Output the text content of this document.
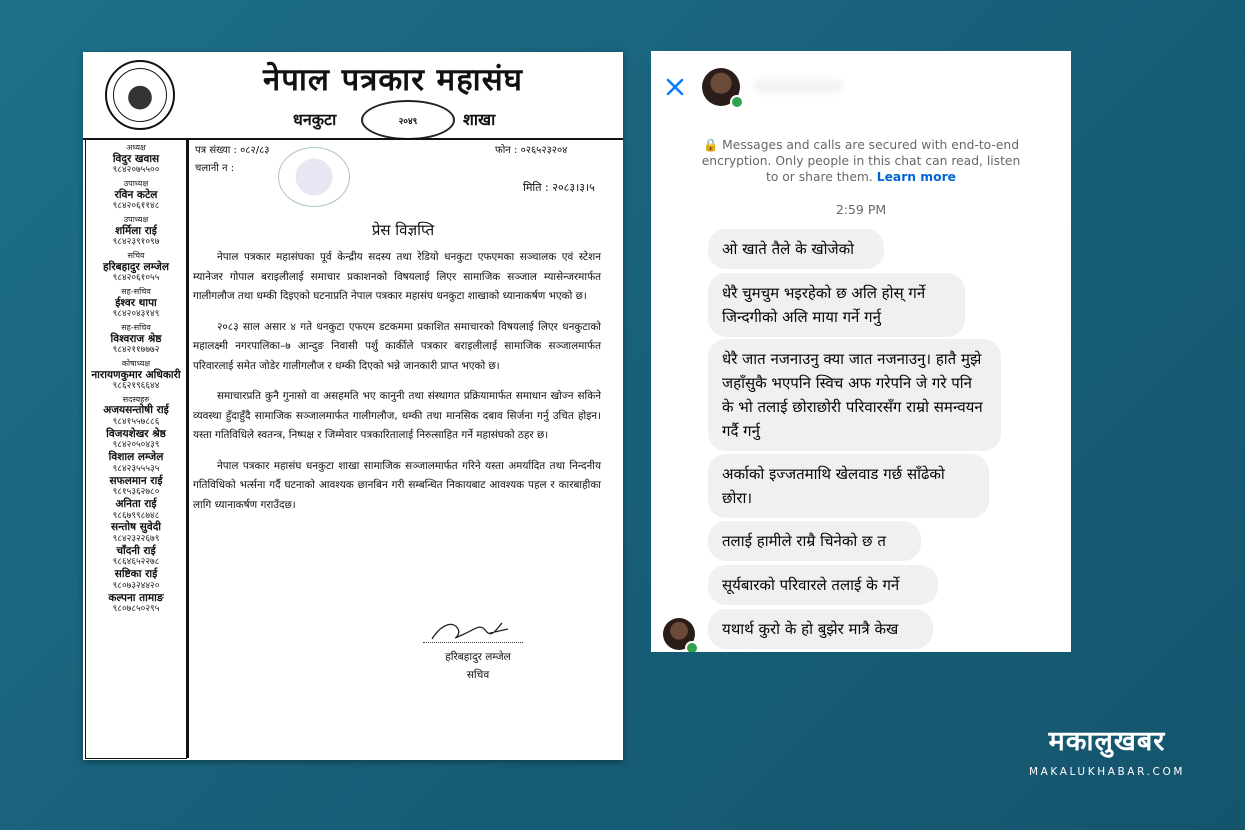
नेपाल पत्रकार महासंघ
धनकुटा	२०४९	शाखा
अध्यक्ष
विदुर खवास
९८४२०७५५००
उपाध्यक्ष
रविन कटेल
९८४२०६११४८
उपाध्यक्ष
शर्मिला राई
९८४२३९१०९७
सचिव
हरिबहादुर लम्जेल
९८४२०६१०५५
सह-सचिव
ईश्वर थापा
९८४२०४३१४९
सह-सचिव
विश्वराज श्रेष्ठ
९८४२११७७७२
कोषाध्यक्ष
नारायणकुमार अधिकारी
९८६२१९६६४४
सदस्यहरु
अजयसन्तोषी राई
९८४१५५७८८६
विजयशेखर श्रेष्ठ
९८४२०५०४३९
विशाल लम्जेल
९८४२३५५५३५
सफलमान राई
९८१५३६२७८०
अनिता राई
९८६७९९८७४८
सन्तोष सुवेदी
९८४२३२२६७९
चाँदनी राई
९८६४६५२२७८
सष्टिका राई
९८०७३२४४२०
कल्पना तामाङ
९८०७८५०२९५
पत्र संख्या : ०८२/८३
चलानी न :
फोन : ०२६५२३२०४
मिति : २०८३।३।५
प्रेस विज्ञप्ति

नेपाल पत्रकार महासंघका पूर्व केन्द्रीय सदस्य तथा रेडियो धनकुटा एफएमका सञ्चालक एवं स्टेशन म्यानेजर गोपाल बराइलीलाई समाचार प्रकाशनको विषयलाई लिएर सामाजिक सञ्जाल म्यासेन्जरमार्फत गालीगलौज तथा धम्की दिइएको घटनाप्रति नेपाल पत्रकार महासंघ धनकुटा शाखाको ध्यानाकर्षण भएको छ।

२०८३ साल असार ४ गते धनकुटा एफएम डटकममा प्रकाशित समाचारको विषयलाई लिएर धनकुटाको महालक्ष्मी नगरपालिका–७ आन्दुङ निवासी पर्शु कार्कीले पत्रकार बराइलीलाई सामाजिक सञ्जालमार्फत परिवारलाई समेत जोडेर गालीगलौज र धम्की दिएको भन्ने जानकारी प्राप्त भएको छ।

समाचारप्रति कुनै गुनासो वा असहमति भए कानुनी तथा संस्थागत प्रक्रियामार्फत समाधान खोज्न सकिने व्यवस्था हुँदाहुँदै सामाजिक सञ्जालमार्फत गालीगलौज, धम्की तथा मानसिक दबाव सिर्जना गर्नु उचित होइन। यस्ता गतिविधिले स्वतन्त्र, निष्पक्ष र जिम्मेवार पत्रकारितालाई निरुत्साहित गर्ने महासंघको ठहर छ।

नेपाल पत्रकार महासंघ धनकुटा शाखा सामाजिक सञ्जालमार्फत गरिने यस्ता अमर्यादित तथा निन्दनीय गतिविधिको भर्त्सना गर्दै घटनाको आवश्यक छानबिन गरी सम्बन्धित निकायबाट आवश्यक पहल र कारबाहीका लागि ध्यानाकर्षण गराउँदछ।

हरिबहादुर लम्जेल
सचिव
🔒 Messages and calls are secured with end-to-end encryption. Only people in this chat can read, listen to or share them. Learn more
2:59 PM
ओ खाते तैले के खोजेको
धेरै चुमचुम भइरहेको छ अलि होस् गर्ने जिन्दगीको अलि माया गर्ने गर्नु
धेरै जात नजनाउनु क्या जात नजनाउनु। हातै मुझे जहाँसुकै भएपनि स्विच अफ गरेपनि जे गरे पनि के भो तलाई छोराछोरी परिवारसँग राम्रो समन्वयन गर्दै गर्नु
अर्काको इज्जतमाथि खेलवाड गर्छ साँढेको छोरा।
तलाई हामीले राम्रै चिनेको छ त
सूर्यबारको परिवारले तलाई के गर्ने
यथार्थ कुरो के हो बुझेर मात्रै केख
मकालुखबर
MAKALUKHABAR.COM
